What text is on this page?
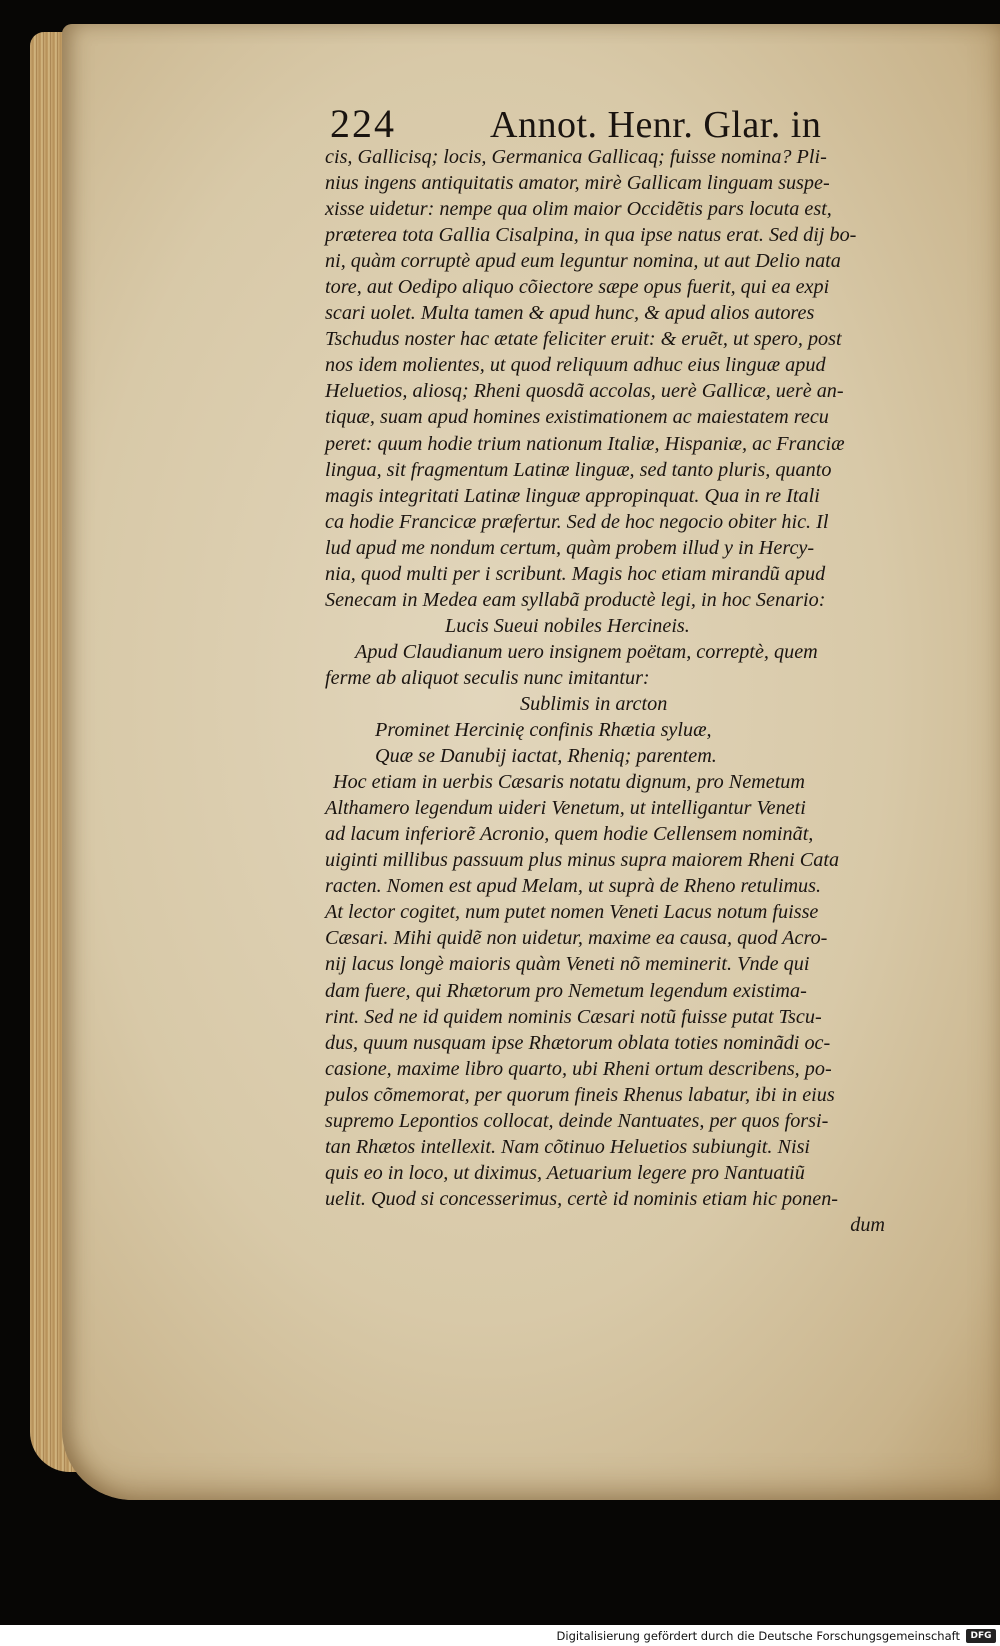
224	Annot. Henr. Glar. in
cis, Gallicisq; locis, Germanica Gallicaq; fuisse nomina? Pli-
nius ingens antiquitatis amator, mirè Gallicam linguam suspe-
xisse uidetur: nempe qua olim maior Occidẽtis pars locuta est,
prӕterea tota Gallia Cisalpina, in qua ipse natus erat. Sed dij bo-
ni, quàm corruptè apud eum leguntur nomina, ut aut Delio nata
tore, aut Oedipo aliquo cõiectore sӕpe opus fuerit, qui ea expi
scari uolet. Multa tamen & apud hunc, & apud alios autores
Tschudus noster hac ӕtate feliciter eruit: & eruẽt, ut spero, post
nos idem molientes, ut quod reliquum adhuc eius linguӕ apud
Heluetios, aliosq; Rheni quosdã accolas, uerè Gallicӕ, uerè an-
tiquӕ, suam apud homines existimationem ac maiestatem recu
peret: quum hodie trium nationum Italiӕ, Hispaniӕ, ac Franciӕ
lingua, sit fragmentum Latinӕ linguӕ, sed tanto pluris, quanto
magis integritati Latinӕ linguӕ appropinquat. Qua in re Itali
ca hodie Francicӕ prӕfertur. Sed de hoc negocio obiter hic. Il
lud apud me nondum certum, quàm probem illud y in Hercy-
nia, quod multi per i scribunt. Magis hoc etiam mirandũ apud
Senecam in Medea eam syllabã productè legi, in hoc Senario:
Lucis Sueui nobiles Hercineis.
Apud Claudianum uero insignem poëtam, correptè, quem
ferme ab aliquot seculis nunc imitantur:
Sublimis in arcton
Prominet Hercinię confinis Rhӕtia syluӕ,
Quӕ se Danubij iactat, Rheniq; parentem.
Hoc etiam in uerbis Cӕsaris notatu dignum, pro Nemetum
Althamero legendum uideri Venetum, ut intelligantur Veneti
ad lacum inferiorẽ Acronio, quem hodie Cellensem nominãt,
uiginti millibus passuum plus minus supra maiorem Rheni Cata
racten. Nomen est apud Melam, ut suprà de Rheno retulimus.
At lector cogitet, num putet nomen Veneti Lacus notum fuisse
Cӕsari. Mihi quidẽ non uidetur, maxime ea causa, quod Acro-
nij lacus longè maioris quàm Veneti nõ meminerit. Vnde qui
dam fuere, qui Rhӕtorum pro Nemetum legendum existima-
rint. Sed ne id quidem nominis Cӕsari notũ fuisse putat Tscu-
dus, quum nusquam ipse Rhӕtorum oblata toties nominãdi oc-
casione, maxime libro quarto, ubi Rheni ortum describens, po-
pulos cõmemorat, per quorum fineis Rhenus labatur, ibi in eius
supremo Lepontios collocat, deinde Nantuates, per quos forsi-
tan Rhӕtos intellexit. Nam cõtinuo Heluetios subiungit. Nisi
quis eo in loco, ut diximus, Aetuarium legere pro Nantuatiũ
uelit. Quod si concesserimus, certè id nominis etiam hic ponen-
dum
Digitalisierung gefördert durch die Deutsche Forschungsgemeinschaft	DFG
